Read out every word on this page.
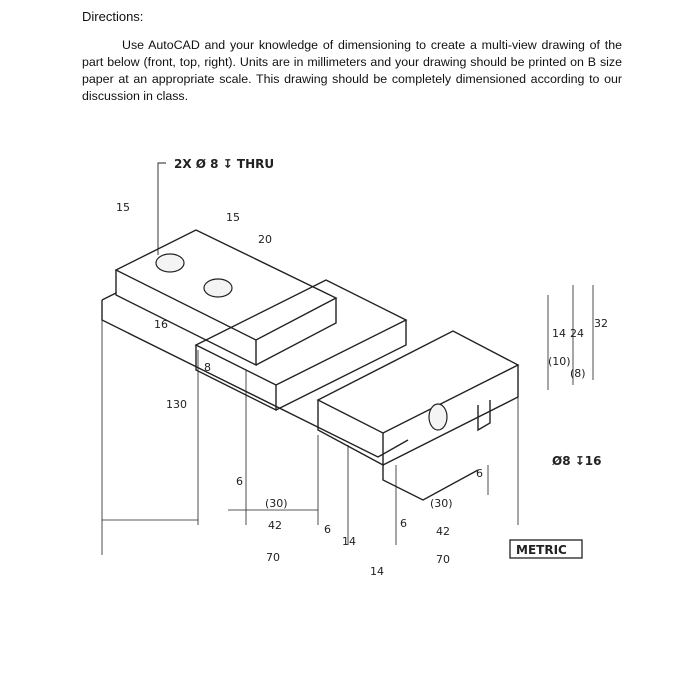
Directions:
Use AutoCAD and your knowledge of dimensioning to create a multi-view drawing of the part below (front, top, right). Units are in millimeters and your drawing should be printed on B size paper at an appropriate scale. This drawing should be completely dimensioned according to our discussion in class.
2X Ø 8 ↧ THRU
15
15
20
16
130
8
6
(30)
42
70
6
14
14
6
(30)
42
70
6
32
24
14
(10)
(8)
Ø8 ↧16
METRIC
